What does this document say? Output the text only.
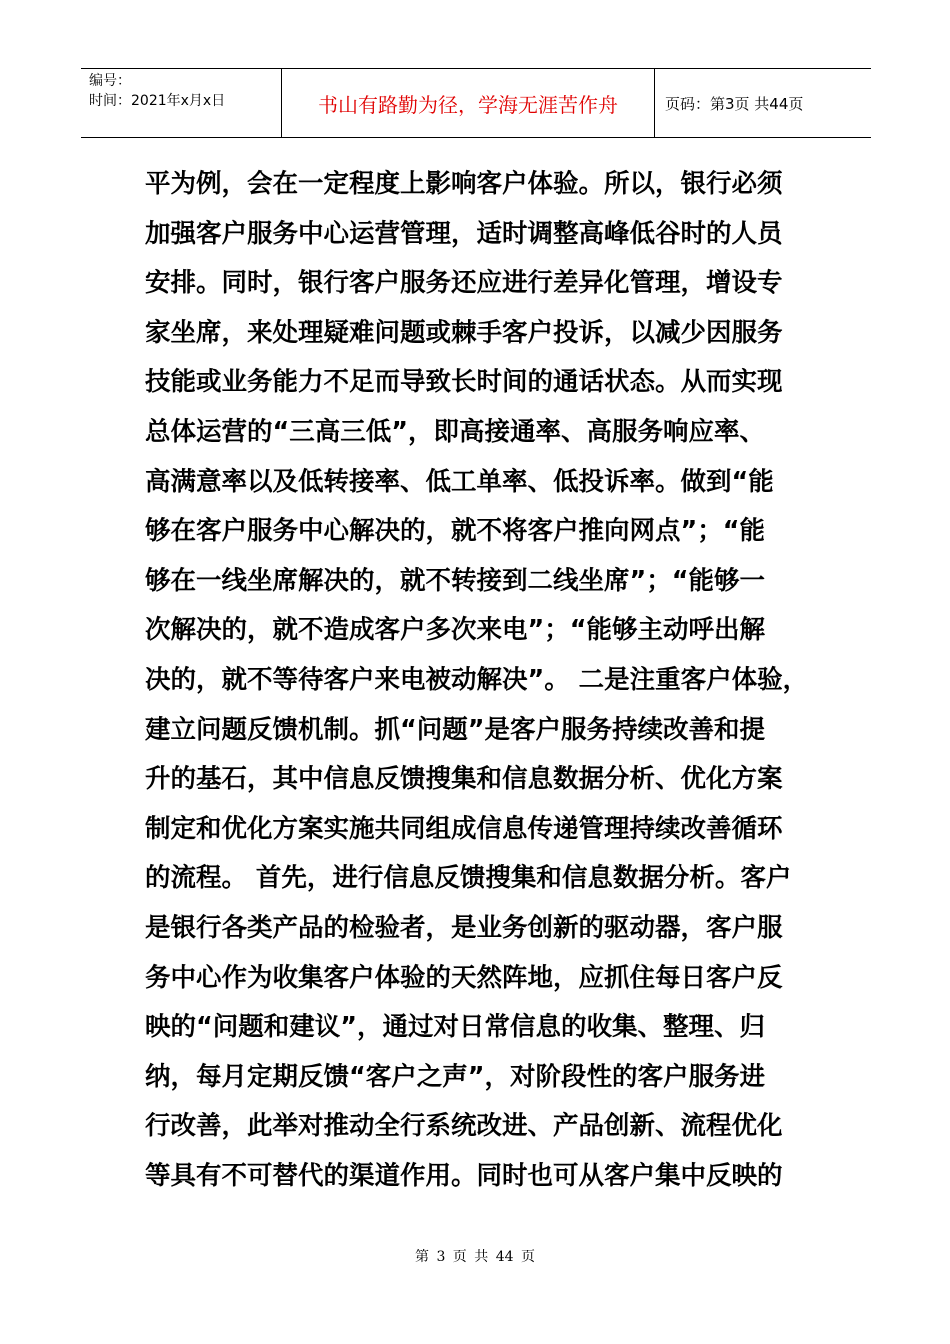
编号：
时间：2021年x月x日	书山有路勤为径，学海无涯苦作舟	页码：第3页 共44页
平为例，会在一定程度上影响客户体验。所以，银行必须
加强客户服务中心运营管理，适时调整高峰低谷时的人员
安排。同时，银行客户服务还应进行差异化管理，增设专
家坐席，来处理疑难问题或棘手客户投诉，以减少因服务
技能或业务能力不足而导致长时间的通话状态。从而实现
总体运营的“三高三低”，即高接通率、高服务响应率、
高满意率以及低转接率、低工单率、低投诉率。做到“能
够在客户服务中心解决的，就不将客户推向网点”；“能
够在一线坐席解决的，就不转接到二线坐席”；“能够一
次解决的，就不造成客户多次来电”；“能够主动呼出解
决的，就不等待客户来电被动解决”。 二是注重客户体验，
建立问题反馈机制。抓“问题”是客户服务持续改善和提
升的基石，其中信息反馈搜集和信息数据分析、优化方案
制定和优化方案实施共同组成信息传递管理持续改善循环
的流程。 首先，进行信息反馈搜集和信息数据分析。客户
是银行各类产品的检验者，是业务创新的驱动器，客户服
务中心作为收集客户体验的天然阵地，应抓住每日客户反
映的“问题和建议”，通过对日常信息的收集、整理、归
纳，每月定期反馈“客户之声”，对阶段性的客户服务进
行改善，此举对推动全行系统改进、产品创新、流程优化
等具有不可替代的渠道作用。同时也可从客户集中反映的
第 3 页 共 44 页
